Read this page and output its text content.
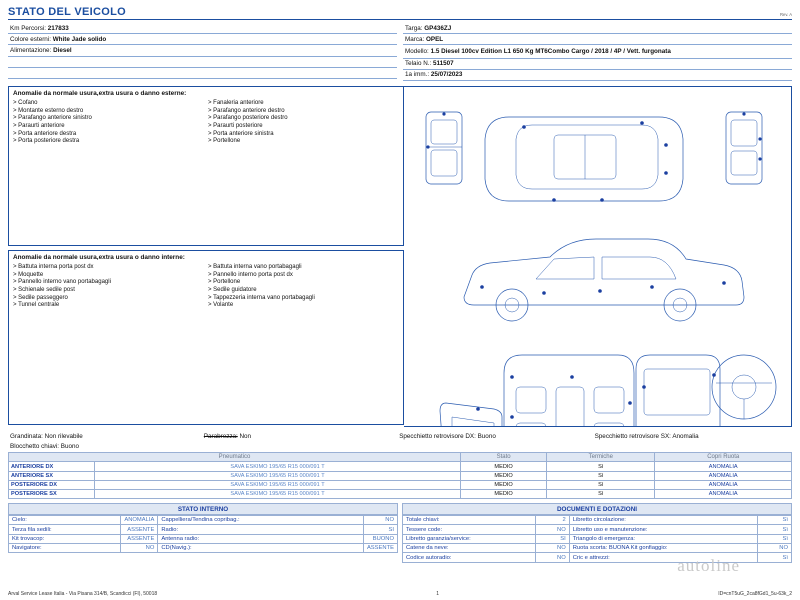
STATO DEL VEICOLO	Rev. A
Km Percorsi: 217833
Colore esterni: White Jade solido
Alimentazione: Diesel
Targa: GP436ZJ
Marca: OPEL
Modello: 1.5 Diesel 100cv Edition L1 650 Kg MT6Combo Cargo / 2018 / 4P / Vett. furgonata
Telaio N.: 511507
1a imm.: 25/07/2023
Anomalie da normale usura,extra usura o danno esterne:
> Cofano
> Montante esterno destro
> Parafango anteriore sinistro
> Paraurti anteriore
> Porta anteriore destra
> Porta posteriore destra
> Fanaleria anteriore
> Parafango anteriore destro
> Parafango posteriore destro
> Paraurti posteriore
> Porta anteriore sinistra
> Portellone
Anomalie da normale usura,extra usura o danno interne:
> Battuta interna porta post dx
> Moquette
> Pannello interno vano portabagagli
> Schienale sedile post
> Sedile passeggero
> Tunnel centrale
> Battuta interna vano portabagagli
> Pannello interno porta post dx
> Portellone
> Sedile guidatore
> Tappezzeria interna vano portabagagli
> Volante
Grandinata: Non rilevabile	Parabrezza: Non	Specchietto retrovisore DX: Buono	Specchietto retrovisore SX: Anomalia
Blocchetto chiavi: Buono
Pneumatico		Stato	Termiche	Copri Ruota
ANTERIORE DX	SAVA ESKIMO 195/65 R15 000/091 T	MEDIO	Sì	ANOMALIA
ANTERIORE SX	SAVA ESKIMO 195/65 R15 000/091 T	MEDIO	Sì	ANOMALIA
POSTERIORE DX	SAVA ESKIMO 195/65 R15 000/091 T	MEDIO	Sì	ANOMALIA
POSTERIORE SX	SAVA ESKIMO 195/65 R15 000/091 T	MEDIO	Sì	ANOMALIA
STATO INTERNO
Cielo:	ANOMALIA	Cappelliera/Tendina copribag.:	NO
Terza fila sedili:	ASSENTE	Radio:	SI
Kit trovacop:	ASSENTE	Antenna radio:	BUONO
Navigatore:	NO	CD(Navig.):	ASSENTE
DOCUMENTI E DOTAZIONI
Totale chiavi:	2	Libretto circolazione:	Sì
Tessere code:	NO	Libretto uso e manutenzione:	Sì
Libretto garanzia/service:	SI	Triangolo di emergenza:	Sì
Catene da neve:	NO	Ruota scorta: BUONA Kit gonfiaggio:	NO
Codice autoradio:	NO	Cric e attrezzi:	Sì
autoline
Arval Service Lease Italia - Via Pisana 314/B, Scandicci (FI), 50018	1	ID=cnT5uG_2ca8fGd1_5u-63k_2
